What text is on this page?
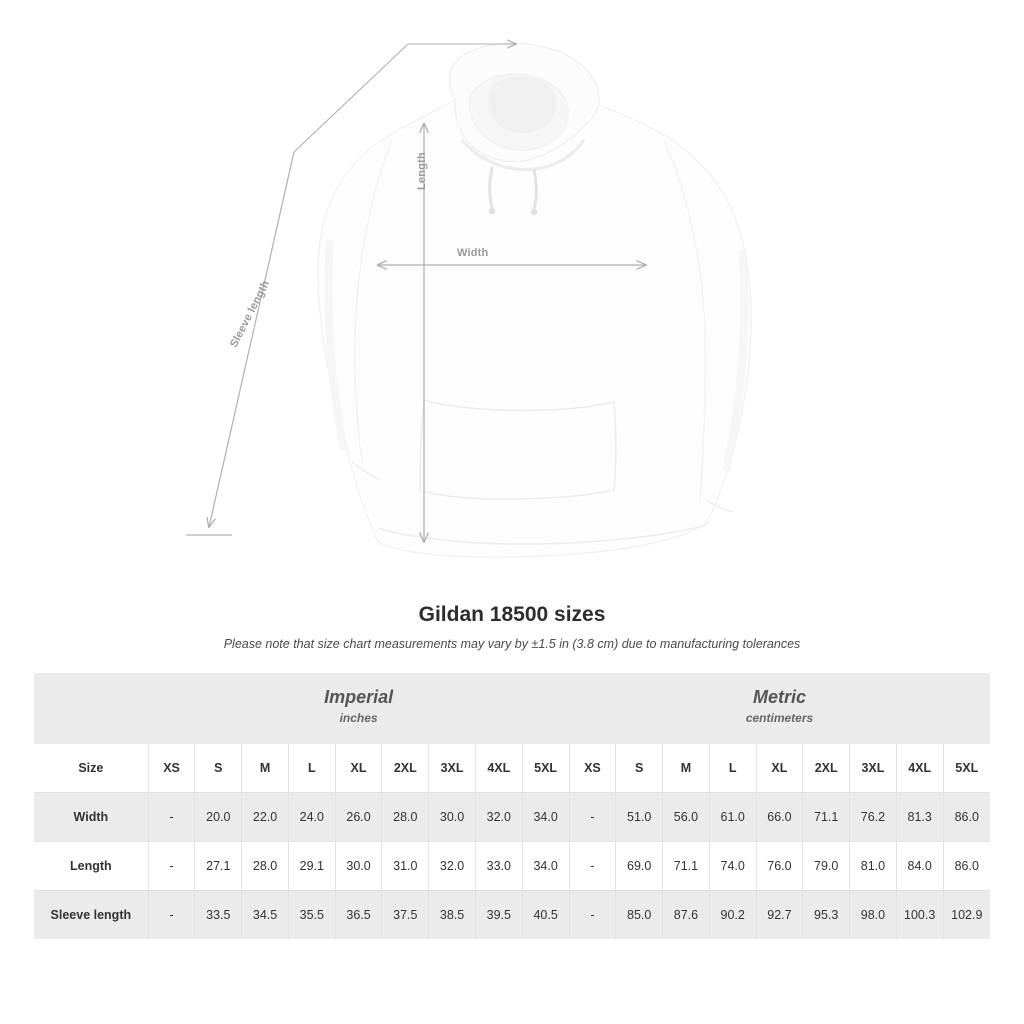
Width
Length
Sleeve length
Gildan 18500 sizes

Please note that size chart measurements may vary by ±1.5 in (3.8 cm) due to manufacturing tolerances

	Imperial
inches									Metric
centimeters								

Size	XS	S	M	L	XL	2XL	3XL	4XL	5XL	XS	S	M	L	XL	2XL	3XL	4XL	5XL
Width	-	20.0	22.0	24.0	26.0	28.0	30.0	32.0	34.0	-	51.0	56.0	61.0	66.0	71.1	76.2	81.3	86.0
Length	-	27.1	28.0	29.1	30.0	31.0	32.0	33.0	34.0	-	69.0	71.1	74.0	76.0	79.0	81.0	84.0	86.0
Sleeve length	-	33.5	34.5	35.5	36.5	37.5	38.5	39.5	40.5	-	85.0	87.6	90.2	92.7	95.3	98.0	100.3	102.9
